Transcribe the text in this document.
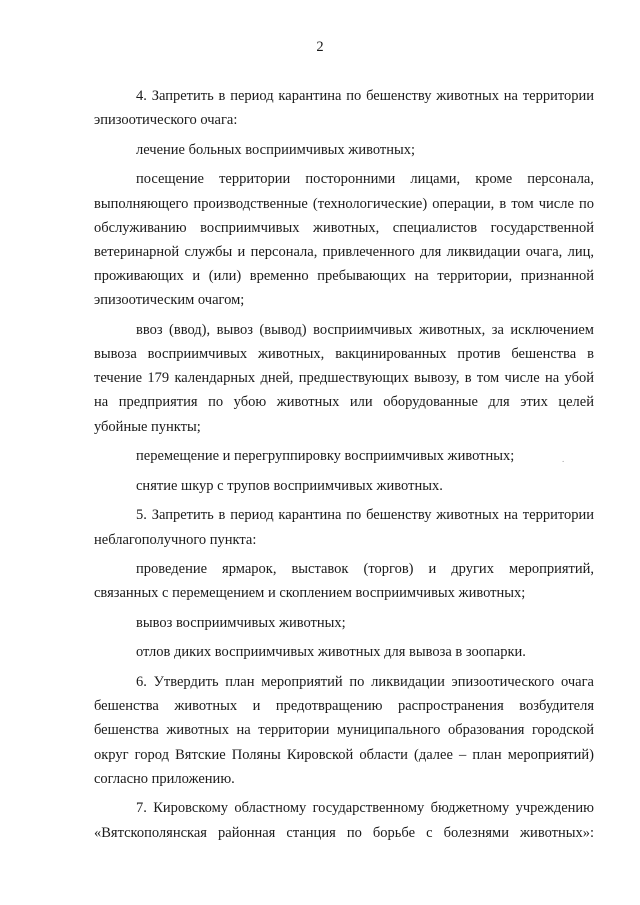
2
4. Запретить в период карантина по бешенству животных на территории
эпизоотического очага:
лечение больных восприимчивых животных;
посещение территории посторонними лицами, кроме персонала,
выполняющего производственные (технологические) операции, в том числе по
обслуживанию восприимчивых животных, специалистов государственной
ветеринарной службы и персонала, привлеченного для ликвидации очага, лиц,
проживающих и (или) временно пребывающих на территории, признанной
эпизоотическим очагом;
ввоз (ввод), вывоз (вывод) восприимчивых животных, за исключением
вывоза восприимчивых животных, вакцинированных против бешенства в
течение 179 календарных дней, предшествующих вывозу, в том числе на убой
на предприятия по убою животных или оборудованные для этих целей
убойные пункты;
перемещение и перегруппировку восприимчивых животных;
снятие шкур с трупов восприимчивых животных.
5. Запретить в период карантина по бешенству животных на территории
неблагополучного пункта:
проведение ярмарок, выставок (торгов) и других мероприятий,
связанных с перемещением и скоплением восприимчивых животных;
вывоз восприимчивых животных;
отлов диких восприимчивых животных для вывоза в зоопарки.
6. Утвердить план мероприятий по ликвидации эпизоотического очага
бешенства животных и предотвращению распространения возбудителя
бешенства животных на территории муниципального образования городской
округ город Вятские Поляны Кировской области (далее – план мероприятий)
согласно приложению.
7. Кировскому областному государственному бюджетному учреждению
«Вятскополянская районная станция по борьбе с болезнями животных»:
.
